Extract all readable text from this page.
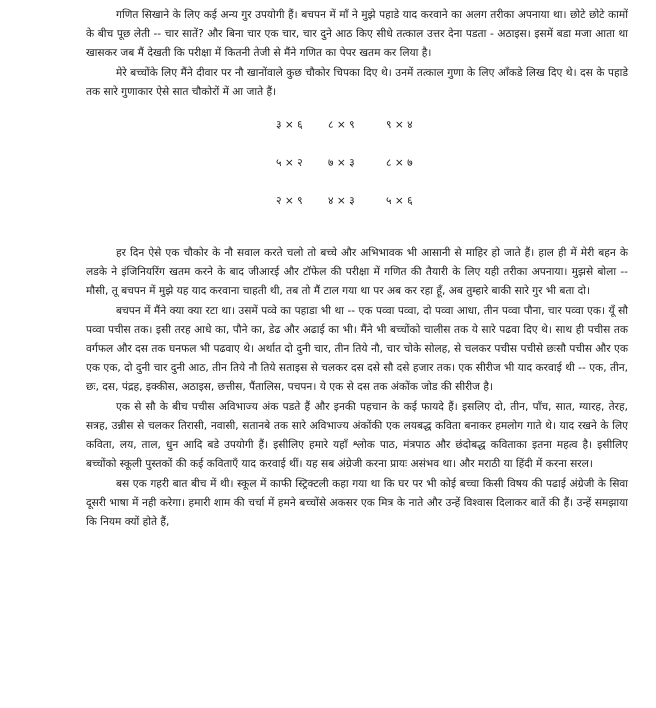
गणित सिखाने के लिए कई अन्य गुर उपयोगी हैं। बचपन में माँ ने मुझे पहाडे याद करवाने का अलग तरीका अपनाया था। छोटे छोटे कामों के बीच पूछ लेती -- चार सातें? और बिना चार एक चार, चार दुने आठ किए सीधे तत्काल उत्तर देना पडता - अठाइस। इसमें बडा मजा आता था खासकर जब मैं देखती कि परीक्षा में कितनी तेजी से मैंने गणित का पेपर खतम कर लिया है।

मेरे बच्चोंके लिए मैंने दीवार पर नौ खानोंवाले कुछ चौकोर चिपका दिए थे। उनमें तत्काल गुणा के लिए आँकडे लिख दिए थे। दस के पहाडे तक सारे गुणाकार ऐसे सात चौकोरों में आ जाते हैं।

३ × ६	८ × ९	९ × ४
५ × २	७ × ३	८ × ७
२ × ९	४ × ३	५ × ६

हर दिन ऐसे एक चौकोर के नौ सवाल करते चलो तो बच्चे और अभिभावक भी आसानी से माहिर हो जाते हैं। हाल ही में मेरी बहन के लडके ने इंजिनियरिंग खतम करने के बाद जीआरई और टॉफेल की परीक्षा में गणित की तैयारी के लिए यही तरीका अपनाया। मुझसे बोला -- मौसी, तू बचपन में मुझे यह याद करवाना चाहती थी, तब तो मैं टाल गया था पर अब कर रहा हूँ, अब तुम्हारे बाकी सारे गुर भी बता दो।

बचपन में मैंने क्या क्या रटा था। उसमें पव्वे का पहाडा भी था -- एक पव्वा पव्वा, दो पव्वा आधा, तीन पव्वा पौना, चार पव्वा एक। यूँ सौ पव्वा पचीस तक। इसी तरह आधे का, पौने का, डेढ और अढाई का भी। मैंने भी बच्चोंको चालीस तक ये सारे पढवा दिए थे। साथ ही पचीस तक वर्गफल और दस तक घनफल भी पढवाए थे। अर्थात दो दुनी चार, तीन तिये नौ, चार चोके सोलह, से चलकर पचीस पचीसे छःसौ पचीस और एक एक एक, दो दुनी चार दुनी आठ, तीन तिये नौ तिये सताइस से चलकर दस दसे सौ दसे हजार तक। एक सीरीज भी याद करवाई थी -- एक, तीन, छः, दस, पंद्रह, इक्कीस, अठाइस, छत्तीस, पैंतालिस, पचपन। ये एक से दस तक अंकोंक जोड की सीरीज है।

एक से सौ के बीच पचीस अविभाज्य अंक पडते हैं और इनकी पहचान के कई फायदे हैं। इसलिए दो, तीन, पाँच, सात, ग्यारह, तेरह, सत्रह, उन्नीस से चलकर तिरासी, नवासी, सतानबे तक सारे अविभाज्य अंकोंकी एक लयबद्ध कविता बनाकर हमलोग गाते थे। याद रखने के लिए कविता, लय, ताल, धुन आदि बडे उपयोगी हैं। इसीलिए हमारे यहाँ श्लोक पाठ, मंत्रपाठ और छंदोबद्ध कविताका इतना महत्व है। इसीलिए बच्चोंको स्कूली पुस्तकों की कई कविताएँ याद करवाई थीं। यह सब अंग्रेजी करना प्रायः असंभव था। और मराठी या हिंदी में करना सरल।

बस एक गहरी बात बीच में थी। स्कूल में काफी स्ट्रिक्टली कहा गया था कि घर पर भी कोई बच्चा किसी विषय की पढाई अंग्रेजी के सिवा दूसरी भाषा में नही करेगा। हमारी शाम की चर्चा में हमने बच्चोंसे अकसर एक मित्र के नाते और उन्हें विश्वास दिलाकर बातें की हैं। उन्हें समझाया कि नियम क्यों होते हैं,
